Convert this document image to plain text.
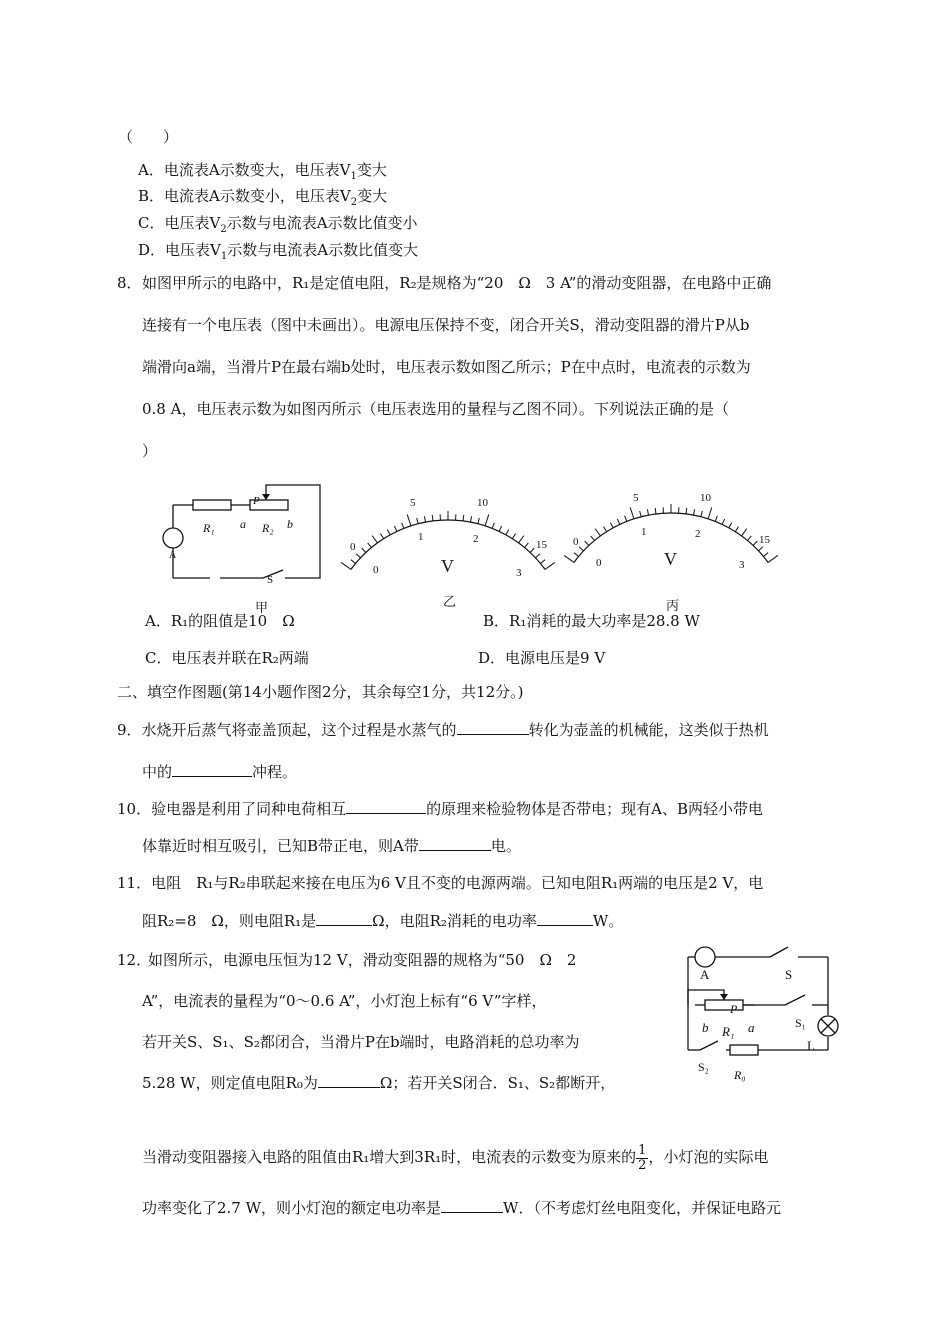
（　　）
A．电流表A示数变大，电压表$V_1$变大
B．电流表A示数变小，电压表$V_2$变大
C．电压表$V_2$示数与电流表A示数比值变小
D．电压表$V_1$示数与电流表A示数比值变大
8． 如图甲所示的电路中，R₁是定值电阻，R₂是规格为“20　Ω　3 A”的滑动变阻器，在电路中正确
连接有一个电压表（图中未画出）。电源电压保持不变，闭合开关S，滑动变阻器的滑片P从b
端滑向a端，当滑片P在最右端b处时，电压表示数如图乙所示；P在中点时，电流表的示数为
0.8 A，电压表示数为如图丙所示（电压表选用的量程与乙图不同）。下列说法正确的是（
）
P
R₁ a R₂ b
A
S
甲
0
5	10
15
1	2
0	3
V
乙
0
5	10
15
1	2
0	3
V
丙
A．R₁的阻值是10　Ω	B．R₁消耗的最大功率是28.8 W
C．电压表并联在R₂两端	D．电源电压是9 V
二、填空作图题(第14小题作图2分，其余每空1分，共12分。)
9．水烧开后蒸气将壶盖顶起，这个过程是水蒸气的	转化为壶盖的机械能，这类似于热机
中的	冲程。
10．验电器是利用了同种电荷相互	的原理来检验物体是否带电；现有A、B两轻小带电
体靠近时相互吸引，已知B带正电，则A带	电。
11．电阻　R₁与R₂串联起来接在电压为6 V且不变的电源两端。已知电阻R₁两端的电压是2 V，电
阻R₂=8　Ω，则电阻R₁是	Ω，电阻R₂消耗的电功率	W。
12．
如图所示，电源电压恒为12 V，滑动变阻器的规格为“50　Ω　2
A”，电流表的量程为“0～0.6 A”，小灯泡上标有“6 V”字样，
若开关S、S₁、S₂都闭合，当滑片P在b端时，电路消耗的总功率为
5.28 W，则定值电阻R₀为	Ω；若开关S闭合．S₁、S₂都断开，
当滑动变阻器接入电路的阻值由R₁增大到3R₁时，电流表的示数变为原来的 $\frac{1}{2}$ ，小灯泡的实际电
功率变化了2.7 W，则小灯泡的额定电功率是	W．（不考虑灯丝电阻变化，并保证电路元
A	S
P
b R₁ a	S₁
L
S₂
R₀
